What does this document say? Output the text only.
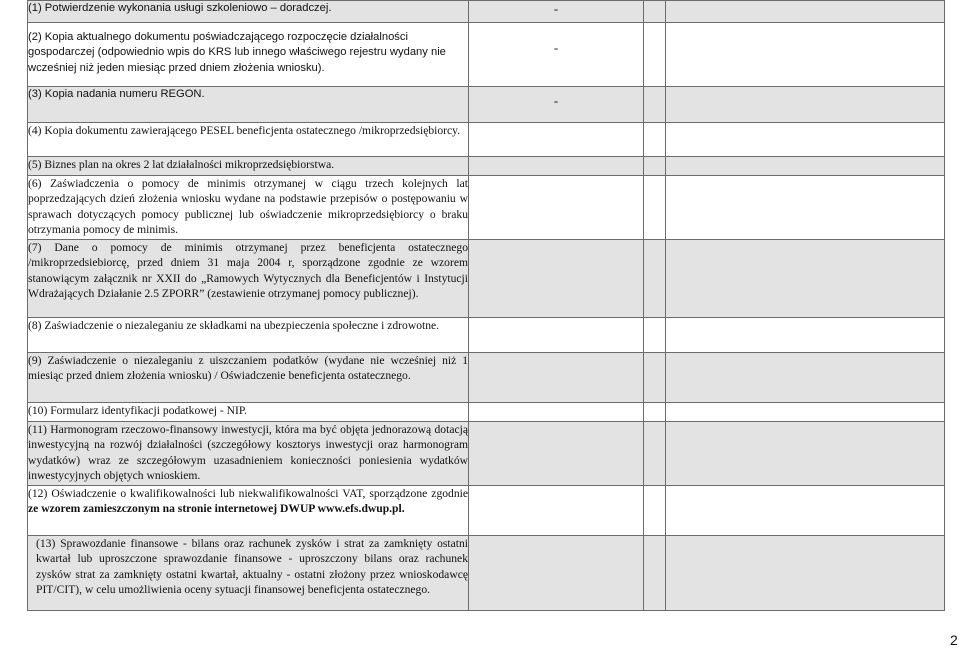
(1) Potwierdzenie wykonania usługi szkoleniowo – doradczej.	-		

(2) Kopia aktualnego dokumentu poświadczającego rozpoczęcie działalności gospodarczej (odpowiednio wpis do KRS lub innego właściwego rejestru wydany nie wcześniej niż jeden miesiąc przed dniem złożenia wniosku).	-		
(3) Kopia nadania numeru REGON.	-		
(4) Kopia dokumentu zawierającego PESEL beneficjenta ostatecznego /mikroprzedsiębiorcy.			
(5) Biznes plan na okres 2 lat działalności mikroprzedsiębiorstwa.			
(6) Zaświadczenia o pomocy de minimis otrzymanej w ciągu trzech kolejnych lat poprzedzających dzień złożenia wniosku wydane na podstawie przepisów o postępowaniu w sprawach dotyczących pomocy publicznej lub oświadczenie mikroprzedsiębiorcy o braku otrzymania pomocy de minimis.			
(7) Dane o pomocy de minimis otrzymanej przez beneficjenta ostatecznego /mikroprzedsiebiorcę, przed dniem 31 maja 2004 r, sporządzone zgodnie ze wzorem stanowiącym załącznik nr XXII do „Ramowych Wytycznych dla Beneficjentów i Instytucji Wdrażających Działanie 2.5 ZPORR” (zestawienie otrzymanej pomocy publicznej).			
(8) Zaświadczenie o niezaleganiu ze składkami na ubezpieczenia społeczne i zdrowotne.			
(9) Zaświadczenie o niezaleganiu z uiszczaniem podatków (wydane nie wcześniej niż 1 miesiąc przed dniem złożenia wniosku) / Oświadczenie beneficjenta ostatecznego.			
(10) Formularz identyfikacji podatkowej - NIP.			
(11) Harmonogram rzeczowo-finansowy inwestycji, która ma być objęta jednorazową dotacją inwestycyjną na rozwój działalności (szczegółowy kosztorys inwestycji oraz harmonogram wydatków) wraz ze szczegółowym uzasadnieniem konieczności poniesienia wydatków inwestycyjnych objętych wnioskiem.			
(12) Oświadczenie o kwalifikowalności lub niekwalifikowalności VAT, sporządzone zgodnie ze wzorem zamieszczonym na stronie internetowej DWUP www.efs.dwup.pl.			
(13) Sprawozdanie finansowe - bilans oraz rachunek zysków i strat za zamknięty ostatni kwartał lub uproszczone sprawozdanie finansowe - uproszczony bilans oraz rachunek zysków strat za zamknięty ostatni kwartał, aktualny - ostatni złożony przez wnioskodawcę PIT/CIT), w celu umożliwienia oceny sytuacji finansowej beneficjenta ostatecznego.			
2
